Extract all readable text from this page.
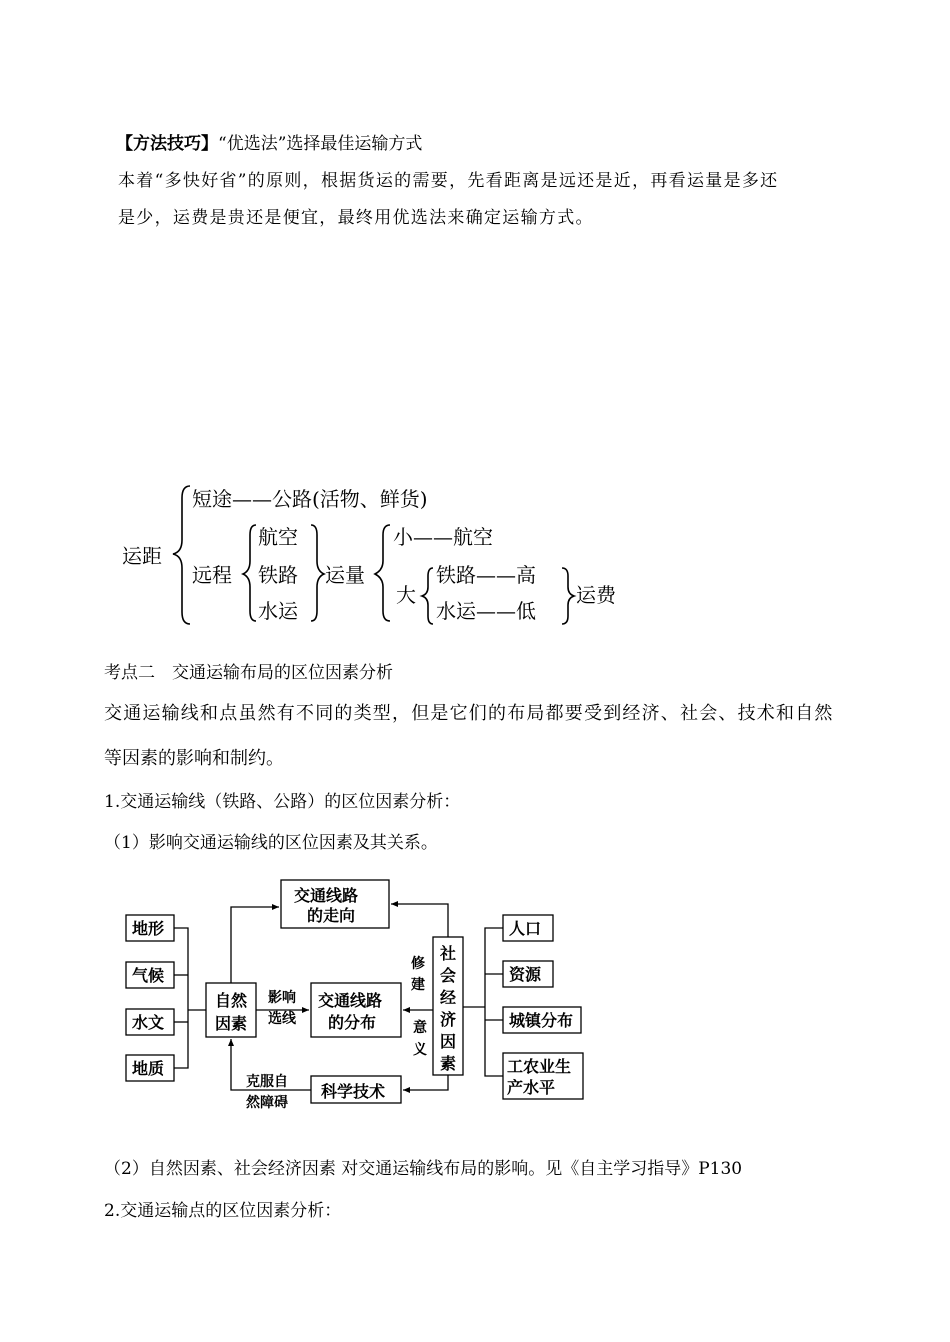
【方法技巧】“优选法”选择最佳运输方式
本着“多快好省”的原则，根据货运的需要，先看距离是远还是近，再看运量是多还
是少，运费是贵还是便宜，最终用优选法来确定运输方式。
运距
短途——公路(活物、鲜货)
远程
航空
铁路
水运
运量
小——航空
大
铁路——高
水运——低
运费
考点二　交通运输布局的区位因素分析
交通运输线和点虽然有不同的类型，但是它们的布局都要受到经济、社会、技术和自然
等因素的影响和制约。
1.交通运输线（铁路、公路）的区位因素分析：
（1）影响交通运输线的区位因素及其关系。
地形
气候
水文
地质
自然
因素
交通线路
的走向
交通线路
的分布
社
会
经
济
因
素
科学技术
人口
资源
城镇分布
工农业生
产水平
影响
选线
修
建
意
义
克服自
然障碍
（2）自然因素、社会经济因素 对交通运输线布局的影响。见《自主学习指导》P130
2.交通运输点的区位因素分析：
